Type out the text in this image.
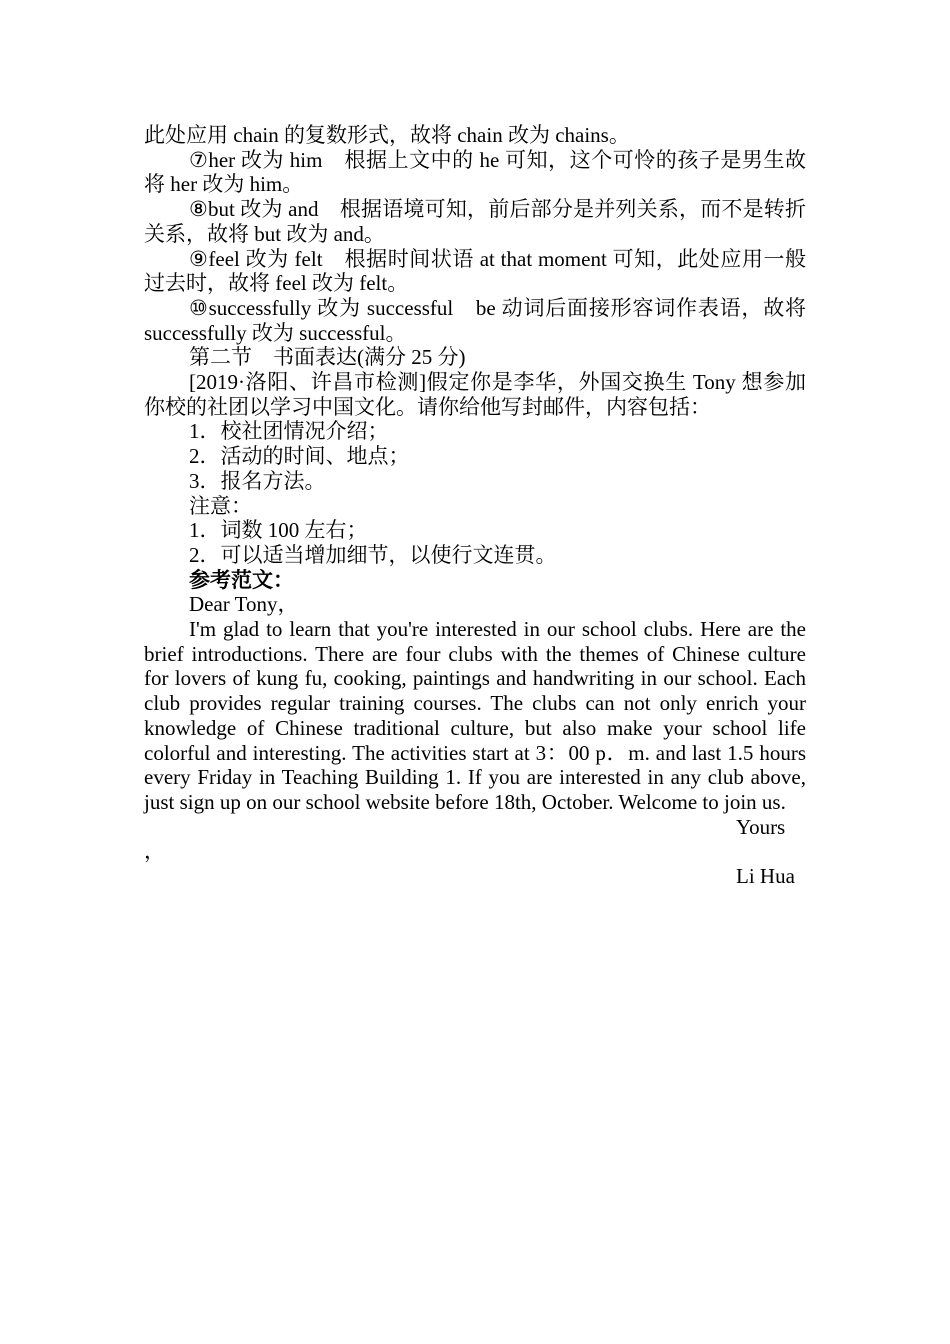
此处应用 chain 的复数形式，故将 chain 改为 chains。

⑦her 改为 him　根据上文中的 he 可知，这个可怜的孩子是男生故将 her 改为 him。

⑧but 改为 and　根据语境可知，前后部分是并列关系，而不是转折关系，故将 but 改为 and。

⑨feel 改为 felt　根据时间状语 at that moment 可知，此处应用一般过去时，故将 feel 改为 felt。

⑩successfully 改为 successful　be 动词后面接形容词作表语，故将 successfully 改为 successful。

第二节　书面表达(满分 25 分)

[2019·洛阳、许昌市检测]假定你是李华，外国交换生 Tony 想参加你校的社团以学习中国文化。请你给他写封邮件，内容包括：

1．校社团情况介绍；

2．活动的时间、地点；

3．报名方法。

注意：

1．词数 100 左右；

2．可以适当增加细节，以使行文连贯。

参考范文：

Dear Tony，

I'm glad to learn that you're interested in our school clubs. Here are the brief introductions. There are four clubs with the themes of Chinese culture for lovers of kung fu, cooking, paintings and handwriting in our school. Each club provides regular training courses. The clubs can not only enrich your knowledge of Chinese traditional culture, but also make your school life colorful and interesting. The activities start at 3：00 p．m. and last 1.5 hours every Friday in Teaching Building 1. If you are interested in any club above, just sign up on our school website before 18th, October. Welcome to join us.

Yours
，
Li Hua
